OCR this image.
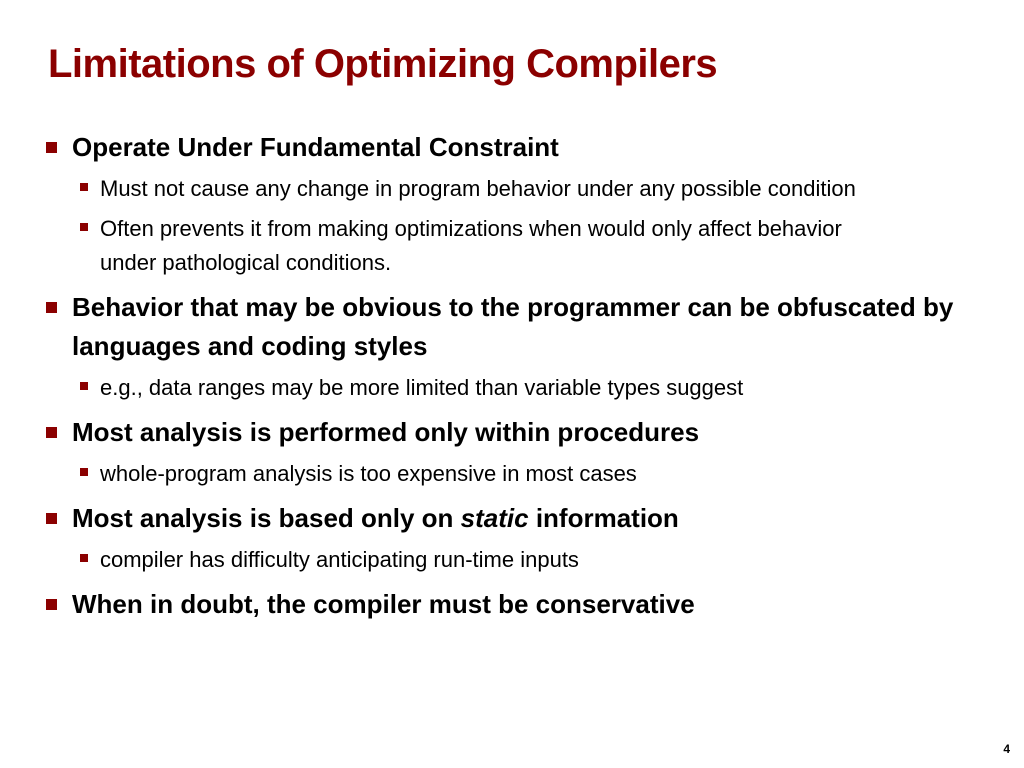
Limitations of Optimizing Compilers
Operate Under Fundamental Constraint
Must not cause any change in program behavior under any possible condition
Often prevents it from making optimizations when would only affect behavior under pathological conditions.
Behavior that may be obvious to the programmer can be obfuscated by languages and coding styles
e.g., data ranges may be more limited than variable types suggest
Most analysis is performed only within procedures
whole-program analysis is too expensive in most cases
Most analysis is based only on static information
compiler has difficulty anticipating run-time inputs
When in doubt, the compiler must be conservative
4
